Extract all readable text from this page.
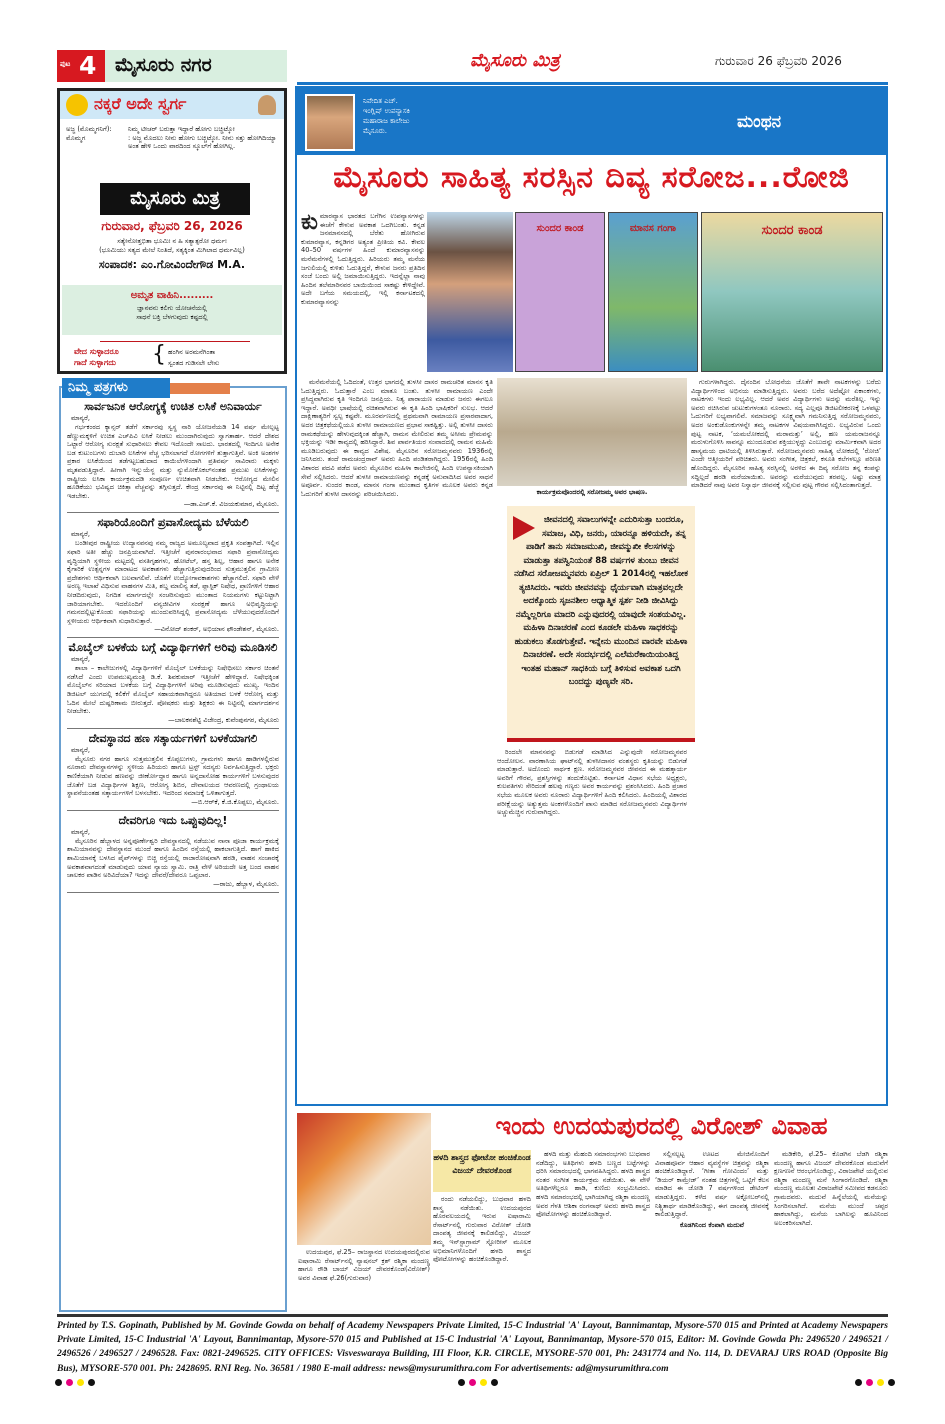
ಪುಟ 4 ಮೈಸೂರು ನಗರ	ಮೈಸೂರು ಮಿತ್ರ	ಗುರುವಾರ 26 ಫೆಬ್ರವರಿ 2026
ನಕ್ಕರೆ ಅದೇ ಸ್ವರ್ಗ
ಅಜ್ಜ (ಮೊಮ್ಮಗನಿಗೆ):	ನಿಮ್ಮ ಟೀಚರ್ ಬರುತ್ತಾ ಇದ್ದಾರೆ ಹೋಗು ಬಚ್ಚಿಟ್ಕೋ
ಮೊಮ್ಮಗ	: ಅಜ್ಜ ಮೊದಲು ನೀನು ಹೋಗು ಬಚ್ಚಿಟ್ಕೋ. ನೀನು ಸತ್ತು ಹೋಗಿದಿಯ್ಯಾ ಅಂತ ಹೇಳಿ ಒಂದು ವಾರದಿಂದ ಸ್ಕೂಲ್‌ಗೆ ಹೋಗಿಲ್ಲ.
ಮೈಸೂರು ಮಿತ್ರ
ಗುರುವಾರ, ಫೆಬ್ರವರಿ 26, 2026
ಸತ್ಯೇನೋತ್ತಭಿತಾ ಭೂಮಿಃ ನ ಹಿ ಸತ್ಯಾತ್ಪರೋ ಧರ್ಮಃ
(ಭೂಮಿಯು ಸತ್ಯದ ಮೇಲೆ ನಿಂತಿದೆ, ಸತ್ಯಕ್ಕಿಂತ ಮಿಗಿಲಾದ ಧರ್ಮವಿಲ್ಲ)
ಸಂಪಾದಕ: ಎಂ.ಗೋವಿಂದೇಗೌಡ M.A.
ಅಮೃತ ವಾಹಿನಿ.........
ಜ್ಞಾನವನು ಕಲಿಗು ಯೋಚನೆಯಲ್ಲಿ
ಸಾಧನೆ ಬಕ್ತಿ ಬೆಳಗುವುದು ಕಷ್ಟದಲ್ಲಿ
ವೇದ ಸುಳ್ಳಾದರೂ
ಗಾದೆ ಸುಳ್ಳಾಗದು { ಹಂಗಿನ ಅರಮನೆಗಿಂತಾ
ಸ್ವಂತದ ಗುಡಿಸಲೇ ಲೇಸು
ಸಾರ್ವಜನಿಕ ಆರೋಗ್ಯಕ್ಕೆ ಉಚಿತ ಲಸಿಕೆ ಅನಿವಾರ್ಯ
ಮಾನ್ಯರೆ,

ಗರ್ಭಕಂಠದ ಕ್ಯಾನ್ಸರ್ ತಡೆಗೆ ಸರ್ಕಾರವು ಸ್ವಸ್ಥ ನಾರಿ ಯೋಜನೆಯಡಿ 14 ವರ್ಷ ಮೇಲ್ಪಟ್ಟ ಹೆಣ್ಣುಮಕ್ಕಳಿಗೆ ಉಚಿತ ಎಚ್‌ಪಿವಿ ಲಸಿಕೆ ನೀಡಲು ಮುಂದಾಗಿರುವುದು ಸ್ವಾಗತಾರ್ಹ. ಆದರೆ ದೇಶದ ಒಟ್ಟಾರೆ ಆರೋಗ್ಯ ಸುರಕ್ಷತೆ ಸುಧಾರಿಸಲು ಕೇವಲ ಇದೊಂದೇ ಸಾಲದು. ಭಾರತದಲ್ಲಿ ಇಂದಿಗೂ ಅನೇಕ ಬಡ ಕುಟುಂಬಗಳು ದುಬಾರಿ ಲಸಿಕೆಗಳ ವೆಚ್ಚ ಭರಿಸಲಾಗದೆ ರೋಗಗಳಿಗೆ ತುತ್ತಾಗುತ್ತಿವೆ. ಅಂಕಿ ಅಂಶಗಳ ಪ್ರಕಾರ ಲಸಿಕೆಯಿಂದ ತಡೆಗಟ್ಟಬಹುದಾದ ಕಾಯಿಲೆಗಳಿಂದಾಗಿ ಪ್ರತಿವರ್ಷ ಸಾವಿರಾರು ಮಕ್ಕಳು ಮೃತಪಡುತ್ತಿದ್ದಾರೆ. ಹೀಗಾಗಿ ಇನ್ಫ್ಲುಯೆನ್ಜ ಮತ್ತು ನ್ಯುಮೋಕೊಕಲ್‌ನಂತಹ ಪ್ರಮುಖ ಲಸಿಕೆಗಳನ್ನು ರಾಷ್ಟ್ರೀಯ ಲಸಿಕಾ ಕಾರ್ಯಕ್ರಮದಡಿ ಸಂಪೂರ್ಣ ಉಚಿತವಾಗಿ ನೀಡಬೇಕು. ಆರೋಗ್ಯದ ಮೇಲಿನ ಹೂಡಿಕೆಯು ಭವಿಷ್ಯದ ಚಿಕಿತ್ಸಾ ವೆಚ್ಚವನ್ನು ತಗ್ಗಿಸುತ್ತದೆ. ಕೇಂದ್ರ ಸರ್ಕಾರವು ಈ ನಿಟ್ಟಿನಲ್ಲಿ ದಿಟ್ಟ ಹೆಜ್ಜೆ ಇಡಬೇಕು.

—ಡಾ.ಎಚ್.ಕೆ. ವಿಜಯಕುಮಾರ, ಮೈಸೂರು.
ಸಫಾರಿಯೊಂದಿಗೆ ಪ್ರವಾಸೋದ್ಯಮ ಬೆಳೆಯಲಿ
ಮಾನ್ಯರೆ,

ಬಂಡೀಪುರ ರಾಷ್ಟ್ರೀಯ ಉದ್ಯಾನವನವು ನಮ್ಮ ರಾಜ್ಯದ ಅಮೂಲ್ಯವಾದ ಪ್ರಕೃತಿ ಸಂಪತ್ತಾಗಿದೆ. ಇಲ್ಲಿನ ಸಫಾರಿ ಅತೀ ಹೆಚ್ಚು ಜನಪ್ರಿಯವಾಗಿದೆ. ಇತ್ತೀಚೆಗೆ ಪುನರಾರಂಭವಾದ ಸಫಾರಿ ಪ್ರವಾಸೋದ್ಯಮ ವೃದ್ಧಿಯಾಗಿ ಸ್ಥಳೀಯ ಮಟ್ಟದಲ್ಲಿ ವಸತಿಗೃಹಗಳು, ಹೋಟೆಲ್, ಹಸ್ತ ಶಿಲ್ಪ, ಆಹಾರ ಹಾಗೂ ಅನೇಕ ಕೈಗಾರಿಕೆ ಉತ್ಪನ್ನಗಳ ಮಾರಾಟದ ಅವಕಾಶಗಳು ಹೆಚ್ಚಾಗುತ್ತಿರುವುದರಿಂದ ಸುತ್ತಮುತ್ತಲಿನ ಗ್ರಾಮೀಣ ಪ್ರದೇಶಗಳು ಆರ್ಥಿಕವಾಗಿ ಬಲವಾಗಲಿವೆ. ಜೊತೆಗೆ ಉದ್ಯೋಗಾವಕಾಶಗಳು ಹೆಚ್ಚಾಗಲಿದೆ. ಸಫಾರಿ ವೇಳೆ ಅರಣ್ಯ ಇಲಾಖೆ ವಿಧಿಸುವ ವಾಹನಗಳ ಮಿತಿ, ಶಬ್ದ ಮಾಲಿನ್ಯ ತಡೆ, ಪ್ಲಾಸ್ಟಿಕ್ ನಿಷೇಧ, ಪ್ರಾಣಿಗಳಿಗೆ ಆಹಾರ ನೀಡದಿರುವುದು, ನಿಗದಿತ ಮಾರ್ಗದಲ್ಲೇ ಸಂಚರಿಸುವುದು ಮುಂತಾದ ನಿಯಮಗಳು ಕಟ್ಟುನಿಟ್ಟಾಗಿ ಜಾರಿಯಾಗಬೇಕು. ಇದರೊಂದಿಗೆ ವನ್ಯಜೀವಿಗಳ ಸಂರಕ್ಷಣೆ ಹಾಗೂ ಅಭಿವೃದ್ಧಿಯನ್ನು ಗಮನದಲ್ಲಿಟ್ಟುಕೊಂಡು ಸಫಾರಿಯನ್ನು ಮುಂದುವರಿಸಿದ್ದಲ್ಲಿ ಪ್ರವಾಸೋದ್ಯಮ ಬೆಳೆಯುವುದರೊಂದಿಗೆ ಸ್ಥಳೀಯರು ಆರ್ಥಿಕವಾಗಿ ಸುಧಾರಿಸುತ್ತಾರೆ.

—ವಿನೋದ್ ಶಂಕರ್, ಅಭಿಯಾನ ಫೌಂಡೇಶನ್, ಮೈಸೂರು.
ಮೊಬೈಲ್ ಬಳಕೆಯ ಬಗ್ಗೆ ವಿದ್ಯಾರ್ಥಿಗಳಿಗೆ ಅರಿವು ಮೂಡಿಸಲಿ
ಮಾನ್ಯರೆ,

ಶಾಲಾ – ಕಾಲೇಜುಗಳಲ್ಲಿ ವಿದ್ಯಾರ್ಥಿಗಳಿಗೆ ಮೊಬೈಲ್ ಬಳಕೆಯನ್ನು ನಿಷೇಧಿಸಲು ಸರ್ಕಾರ ಚಿಂತನೆ ನಡೆಸಿದೆ ಎಂದು ಉಪಮುಖ್ಯಮಂತ್ರಿ ಡಿ.ಕೆ. ಶಿವಕುಮಾರ್ ಇತ್ತೀಚೆಗೆ ಹೇಳಿದ್ದಾರೆ. ನಿಷೇಧಕ್ಕಿಂತ ಮೊಬೈಲ್‌ನ ಸರಿಯಾದ ಬಳಕೆಯ ಬಗ್ಗೆ ವಿದ್ಯಾರ್ಥಿಗಳಿಗೆ ಅರಿವು ಮೂಡಿಸುವುದು ಮುಖ್ಯ. ಇಂದಿನ ಡಿಜಿಟಲ್ ಯುಗದಲ್ಲಿ ಕಲಿಕೆಗೆ ಮೊಬೈಲ್ ಸಹಾಯಕವಾಗಿದ್ದರೂ ಅತಿಯಾದ ಬಳಕೆ ಆರೋಗ್ಯ ಮತ್ತು ಓದಿನ ಮೇಲೆ ದುಷ್ಪರಿಣಾಮ ಬೀರುತ್ತದೆ. ಪೋಷಕರು ಮತ್ತು ಶಿಕ್ಷಕರು ಈ ನಿಟ್ಟಿನಲ್ಲಿ ಮಾರ್ಗದರ್ಶನ ನೀಡಬೇಕು.

—ಬಾಲಕನಶೆಟ್ಟಿ ವಿಜೇಂದ್ರ, ಕುವೆಂಪುನಗರ, ಮೈಸೂರು
ದೇವಸ್ಥಾನದ ಹಣ ಸತ್ಕಾರ್ಯಗಳಿಗೆ ಬಳಕೆಯಾಗಲಿ
ಮಾನ್ಯರೆ,

ಮೈಸೂರು ನಗರ ಹಾಗೂ ಸುತ್ತಮುತ್ತಲಿನ ಕೊಪ್ಪಲುಗಳು, ಗ್ರಾಮಗಳು ಹಾಗೂ ಹಾಡಿಗಳಲ್ಲಿರುವ ನೂರಾರು ದೇವಸ್ಥಾನಗಳನ್ನು ಸ್ಥಳೀಯ ಹಿರಿಯರು ಹಾಗೂ ಟ್ರಸ್ಟ್ ಸದಸ್ಯರು ನಿರ್ವಹಿಸುತ್ತಿದ್ದಾರೆ. ಭಕ್ತರು ಕಾಣಿಕೆಯಾಗಿ ನೀಡುವ ಹಣವನ್ನು ಜೀರ್ಣೋದ್ಧಾರ ಹಾಗೂ ಅನ್ನದಾಸೋಹ ಕಾರ್ಯಗಳಿಗೆ ಬಳಸುವುದರ ಜೊತೆಗೆ ಬಡ ವಿದ್ಯಾರ್ಥಿಗಳ ಶಿಕ್ಷಣ, ಆರೋಗ್ಯ ಶಿಬಿರ, ದೇವಾಲಯದ ಆವರಣದಲ್ಲಿ ಗ್ರಂಥಾಲಯ ಸ್ಥಾಪನೆಯಂತಹ ಸತ್ಕಾರ್ಯಗಳಿಗೆ ಬಳಸಬೇಕು. ಇದರಿಂದ ಸಮಾಜಕ್ಕೆ ಒಳಿತಾಗುತ್ತದೆ.

—ಬಿ.ಆರ್‌ಕೆ, ಕೆ.ಜಿ.ಕೊಪ್ಪಲು, ಮೈಸೂರು.
ದೇವರಿಗೂ ಇದು ಒಪ್ಪುವುದಿಲ್ಲ!
ಮಾನ್ಯರೆ,

ಮೈಸೂರಿನ ಹೆಬ್ಬಾಳದ ಅನ್ನಪೂರ್ಣೇಶ್ವರಿ ದೇವಸ್ಥಾನದಲ್ಲಿ ನಡೆಯುವ ನಾನಾ ಪೂಜಾ ಕಾರ್ಯಕ್ರಮಕ್ಕೆ ಶಾಮಿಯಾನವನ್ನು ದೇವಸ್ಥಾನದ ಮುಂದೆ ಹಾಗೂ ಹಿಂದಿನ ರಸ್ತೆಯಲ್ಲಿ ಹಾಕಲಾಗುತ್ತಿದೆ. ಹಾಗೆ ಹಾಕಿದ ಶಾಮಿಯಾನಕ್ಕೆ ಬಳಸಿದ ಪೈಪ್‌ಗಳನ್ನು ಬಿಚ್ಚಿ ರಸ್ತೆಯಲ್ಲಿ ರಾಜಾರೋಷವಾಗಿ ಹರಡಿ, ವಾಹನ ಸಂಚಾರಕ್ಕೆ ಅವಕಾಶವಾಗದಂತೆ ಮಾಡುವುದು ಯಾವ ನ್ಯಾಯ ಸ್ವಾಮಿ. ರಾತ್ರಿ ವೇಳೆ ಅರಿಯದೇ ಅತ್ತ ಬಂದ ವಾಹನ ಚಾಲಕರ ಪಾಡಿನ ಅರಿವಿದೆಯಾ? ಇದನ್ನು ದೇವರೆ/ದೇವರೂ ಒಪ್ಪಲಾರ.

—ರಾಜು, ಹೆಬ್ಬಾಳ, ಮೈಸೂರು.
ನಿಮ್ಮ ಪತ್ರಗಳು
ನಿವೇದಿತ ಎಚ್.
ಇಂಗ್ಲಿಷ್ ಉಪನ್ಯಾಸಕಿ
ಮಹಾರಾಜ ಕಾಲೇಜು
ಮೈಸೂರು.	ಮಂಥನ
ಮೈಸೂರು ಸಾಹಿತ್ಯ ಸರಸ್ಸಿನ ದಿವ್ಯ ಸರೋಜ...ರೋಜಿ
ಕುಮಾರವ್ಯಾಸ ಭಾರತದ ಬಗೆಗಿನ ಉಪನ್ಯಾಸಗಳನ್ನು ಈಚೆಗೆ ಕೇಳುವ ಅವಕಾಶ ಒದಗಿಬಂತು. ಕನ್ನಡ ಜನಮಾನಸದಲ್ಲಿ ಬೆರೆತು ಹೋಗಿರುವ ಕುಮಾರವ್ಯಾಸ, ಕನ್ನಡಿಗರ ಅತ್ಯಂತ ಪ್ರೀತಿಯ ಕವಿ. ಕೇವಲ 40–50 ವರ್ಷಗಳ ಹಿಂದೆ ಕುಮಾರವ್ಯಾಸನನ್ನು ಮನೆಮನೆಗಳಲ್ಲಿ ಓದುತ್ತಿದ್ದರು. ಹಿರಿಯರು ತಮ್ಮ ಮನೆಯ ಜಗುಲಿಯಲ್ಲಿ ಕುಳಿತು ಓದುತ್ತಿದ್ದರೆ, ಕೇಳುವ ಜನರು ಪ್ರತಿದಿನ ಸಂಜೆ ಬಂದು ಅಲ್ಲಿ ಜಮಾಯಿಸುತ್ತಿದ್ದರು. ಇದನ್ನೆಲ್ಲಾ ನಾವು ಹಿಂದಿನ ತಲೆಮಾರಿನವರ ಬಾಯಿಯಿಂದ ಸಾಕಷ್ಟು ಕೇಳಿದ್ದೇವೆ. ಅದೇ ಬಗೆಯ ಸಮಯದಲ್ಲಿ, ಇಲ್ಲಿ ಕರ್ನಾಟಕದಲ್ಲಿ ಕುಮಾರವ್ಯಾಸನನ್ನು
ಸುಂದರ ಕಾಂಡ	ಮಾನಸ ಗಂಗಾ	ಸುಂದರ ಕಾಂಡ

ಮನೆಮನೆಯಲ್ಲಿ ಓದಿದಂತೆ, ಉತ್ತರ ಭಾಗದಲ್ಲಿ ತುಳಸೀ ದಾಸರ ರಾಮಚರಿತ ಮಾನಸ ಕೃತಿ ಓದುತ್ತಿದ್ದರು. ಓದುತ್ತಾರೆ ಎಂಬ ಮಾತೂ ಬಂತು. ತುಳಸೀ ರಾಮಾಯಣ ಎಂದೇ ಪ್ರಸಿದ್ಧವಾಗಿರುವ ಕೃತಿ ಇಂದಿಗೂ ಜನಪ್ರಿಯ. ನಿತ್ಯ ಪಾರಾಯಣ ಮಾಡುವ ಜನರು ಈಗಲೂ ಇದ್ದಾರೆ. ಅವಧೀ ಭಾಷೆಯಲ್ಲಿ ರಚಿತವಾಗಿರುವ ಈ ಕೃತಿ ಹಿಂದಿ ಭಾಷಿಕರಿಗೆ ಸುಲಭ. ಆದರೆ ದಾಕ್ಷಿಣಾತ್ಯರಿಗೆ ಸ್ವಲ್ಪ ಕಷ್ಟವೇ. ಮೂರರ್ವಣದಲ್ಲಿ ಪ್ರಥಮವಾಗಿ ರಾಮಾಯಣ ಪ್ರಸಾರವಾದಾಗ, ಅದರ ಚಿತ್ರಕಥೆಯಲ್ಲಿಯೂ ತುಳಸೀ ರಾಮಾಯಣದ ಪ್ರಭಾವ ಸಾಕಷ್ಟಿತ್ತು. ಅಲ್ಲಿ ತುಳಸೀ ದಾಸರು ರಾಮಕಥೆಯನ್ನು ಹೇಳುವುದಕ್ಕಿಂತ ಹೆಚ್ಚಾಗಿ, ರಾಮನ ಮೇಲಿರುವ ತಮ್ಮ ಅಸೀಮ ಪ್ರೇಮವನ್ನು ಭಕ್ತಿಯನ್ನು ಇಡೀ ಕಾವ್ಯದಲ್ಲಿ ಹರಿಸಿದ್ದಾರೆ. ಶಿವ ಪಾರ್ವತಿಯರ ಸಂವಾದದಲ್ಲಿ ರಾಮನ ಮಹಿಮೆ ಮೂಡಿಬರುವುದು ಈ ಕಾವ್ಯದ ವಿಶೇಷ. ಮೈಸೂರಿನ ಸರೋಜಮ್ಮನವರು 1936ರಲ್ಲಿ ಜನಿಸಿದರು. ತಂದೆ ರಾಮಚಂದ್ರರಾವ್ ಅವರು ಹಿಂದಿ ಪಂಡಿತರಾಗಿದ್ದರು. 1956ರಲ್ಲಿ ಹಿಂದಿ ವಿಶಾರದ ಪದವಿ ಪಡೆದ ಅವರು ಮೈಸೂರಿನ ಮಹಿಳಾ ಕಾಲೇಜಿನಲ್ಲಿ ಹಿಂದಿ ಉಪನ್ಯಾಸಕಿಯಾಗಿ ಸೇವೆ ಸಲ್ಲಿಸಿದರು. ಆದರೆ ತುಳಸೀ ರಾಮಾಯಣವನ್ನು ಕನ್ನಡಕ್ಕೆ ಅನುವಾದಿಸಿದ ಅವರ ಸಾಧನೆ ಅಪೂರ್ವ. ಸುಂದರ ಕಾಂಡ, ಮಾನಸ ಗಂಗಾ ಮುಂತಾದ ಕೃತಿಗಳ ಮೂಲಕ ಅವರು ಕನ್ನಡ ಓದುಗರಿಗೆ ತುಳಸೀ ದಾಸರನ್ನು ಪರಿಚಯಿಸಿದರು.	ಕಾರ್ಯಕ್ರಮವೊಂದರಲ್ಲಿ ಸರೋಜಮ್ಮ ಅವರ ಭಾಷಣ.
ಜೀವನದಲ್ಲಿ ಸವಾಲುಗಳನ್ನೇ ಎದುರಿಸುತ್ತಾ ಬಂದರೂ, ಸಮಾಜ, ವಿಧಿ, ಜನರು, ಯಾರನ್ನೂ ಹಳಿಯದೇ, ತನ್ನ ಪಾಡಿಗೆ ತಾನು ಸಮಾಜಮುಖಿ, ಜೀವನ್ಮುಖೀ ಕೆಲಸಗಳನ್ನು ಮಾಡುತ್ತಾ ತಪಸ್ವಿನಿಯಂತೆ 88 ವರ್ಷಗಳ ತುಂಬು ಜೀವನ ನಡೆಸಿದ ಸರೋಜಮ್ಮನವರು ಏಪ್ರಿಲ್ 1 2014ರಲ್ಲಿ ಇಹಲೋಕ ತ್ಯಜಿಸಿದರು. ಇವರು ಜೀವನವನ್ನು ಧೈರ್ಯವಾಗಿ ಮಾತ್ರವಲ್ಲದೇ ಅದಕ್ಕೊಂದು ಸೃಜನಶೀಲ ಆಧ್ಯಾತ್ಮಿಕ ಸ್ಪರ್ಶ ನೀಡಿ ಜೀವಿಸಿದ್ದು ನಮ್ಮೆಲ್ಲರಿಗೂ ಮಾದರಿ ಎನ್ನುವುದರಲ್ಲಿ ಯಾವುದೇ ಸಂಶಯವಿಲ್ಲ. ಮಹಿಳಾ ದಿನಾಚರಣೆ ಎಂದ ಕೂಡಲೇ ಮಹಿಳಾ ಸಾಧಕರನ್ನು ಹುಡುಕಲು ತೊಡಗುತ್ತೇವೆ. ಇನ್ನೇನು ಮುಂದಿನ ವಾರವೇ ಮಹಿಳಾ ದಿನಾಚರಣೆ. ಅದೇ ಸಂದರ್ಭದಲ್ಲಿ ಎಲೆಮರೆಕಾಯಿಯಂತಿದ್ದ ಇಂತಹ ಮಹಾನ್ ಸಾಧಕಿಯ ಬಗ್ಗೆ ತಿಳಿಸುವ ಅವಕಾಶ ಒದಗಿ ಬಂದದ್ದು ಪುಣ್ಯವೇ ಸರಿ.

ರಿಂದಲೇ ಮಾನಸವನ್ನು ಬಿಡುಗಡೆ ಮಾಡಿಸಿದ ಎನ್ನುವುದೇ ಸರೋಜಮ್ಮನವರ ಆಂದೋಲನ. ವಾರಣಾಸಿಯ ಘಾಟ್‌ನಲ್ಲಿ ತುಳಸೀದಾಸರ ವಂಶಸ್ಥರು ಕೃತಿಯನ್ನು ಬಿಡುಗಡೆ ಮಾಡುತ್ತಾರೆ. ಅದೊಂದು ಸಾರ್ಥಕ ಕ್ಷಣ. ಸರೋಜಮ್ಮನವರ ಜೀವನದ ಈ ಮಹತ್ಕಾರ್ಯ ಅವರಿಗೆ ಗೌರವ, ಪ್ರಶಸ್ತಿಗಳನ್ನು ತಂದುಕೊಟ್ಟಿತು. ಕರ್ನಾಟಕ ವಿಧಾನ ಸಭೆಯ ಅಧ್ಯಕ್ಷರು, ಕುಲಪತಿಗಳು ಸೇರಿದಂತೆ ಹಲವು ಗಣ್ಯರು ಅವರ ಕಾರ್ಯವನ್ನು ಪ್ರಶಂಸಿಸಿದರು. ಹಿಂದಿ ಪ್ರಚಾರ ಸಭೆಯ ಮೂಲಕ ಅವರು ನೂರಾರು ವಿದ್ಯಾರ್ಥಿಗಳಿಗೆ ಹಿಂದಿ ಕಲಿಸಿದರು. ಹಿಂದಿಯಲ್ಲಿ ವಿಶಾರದ ಪರೀಕ್ಷೆಯನ್ನು ಅತ್ಯುತ್ತಮ ಅಂಕಗಳೊಂದಿಗೆ ಪಾಸು ಮಾಡಿದ ಸರೋಜಮ್ಮನವರು ವಿದ್ಯಾರ್ಥಿಗಳ ಅಚ್ಚುಮೆಚ್ಚಿನ ಗುರುವಾಗಿದ್ದರು.

ಗುರುಗಳಾಗಿದ್ದರು. ದೈನಂದಿನ ಬೋಧನೆಯ ಜೊತೆಗೆ ತಾವೇ ನಾಟಕಗಳನ್ನು ಬರೆದು ವಿದ್ಯಾರ್ಥಿಗಳಿಂದ ಅಭಿನಯ ಮಾಡಿಸುತ್ತಿದ್ದರು. ಅವರು ಬರೆದ ಅದೆಷ್ಟೋ ಏಕಾಂಕಗಳು, ನಾಟಕಗಳು ಇಂದು ಲಭ್ಯವಿಲ್ಲ. ಆದರೆ ಅವರ ವಿದ್ಯಾರ್ಥಿಗಳು ಅದನ್ನು ಮರೆತಿಲ್ಲ. ಇನ್ನು ಅವರು ರಚಿಸಿರುವ ಚುಟುಕುಗಳಂತೂ ನೂರಾರು. ಸದ್ಯ ಎಲ್ಲವೂ ಡಿಜಿಟಲೀಕರಣಕ್ಕೆ ಒಳಪಟ್ಟು ಓದುಗರಿಗೆ ಲಭ್ಯವಾಗಲಿವೆ. ಸಮಾಜವನ್ನು ಸೂಕ್ಷ್ಮವಾಗಿ ಗಮನಿಸುತ್ತಿದ್ದ ಸರೋಜಮ್ಮನವರು, ಅದರ ಅಂಕುಡೊಂಕುಗಳನ್ನೇ ತಮ್ಮ ನಾಟಕಗಳ ವಿಷಯವಾಗಿಸಿದ್ದರು. ಲಭ್ಯವಿರುವ ಒಂದು ಪುಟ್ಟ ನಾಟಕ, ‘ಯಮಲೋಕದಲ್ಲಿ ಮರಾಮತ್ತು’ ಅಲ್ಲಿ, ಹಣ ಯಮರಾಜನನ್ನೂ ಮರುಳುಗೊಳಿಸಿ ಸಾವನ್ನೂ ಮುಂದೂಡುವ ಶಕ್ತಿಯುಳ್ಳದ್ದು ಎಂಬುದನ್ನು ಮಾರ್ಮಿಕವಾಗಿ ಅದರ ಹಾಸ್ಯಮಯ ಧಾಟಿಯಲ್ಲಿ ತಿಳಿಸಿರುತ್ತಾರೆ. ಸರೋಜಮ್ಮನವರು ಸಾಹಿತ್ಯ ಲೋಕದಲ್ಲಿ ‘ರೋಜಿ’ ಎಂದೇ ಆತ್ಮೀಯರಿಗೆ ಪರಿಚಿತರು. ಅವರು ಸಂಗೀತ, ಚಿತ್ರಕಲೆ, ಕಸೂತಿ ಕಲೆಗಳಲ್ಲೂ ಪರಿಣತಿ ಹೊಂದಿದ್ದರು. ಮೈಸೂರಿನ ಸಾಹಿತ್ಯ ಸರಸ್ಸಿನಲ್ಲಿ ಅರಳಿದ ಈ ದಿವ್ಯ ಸರೋಜ ತನ್ನ ಕಂಪನ್ನು ಸದ್ದಿಲ್ಲದೆ ಹರಡಿ ಮರೆಯಾಯಿತು. ಅವರನ್ನು ಮರೆಯುವುದು ತರವಲ್ಲ. ಅಷ್ಟು ಮಾತ್ರ ಮಾಡಿದರೆ ನಾವು ಅವರ ನಿಸ್ವಾರ್ಥ ಜೀವನಕ್ಕೆ ಸಲ್ಲಿಸುವ ಪುಟ್ಟ ಗೌರವ ಸಲ್ಲಿಸಿದಂತಾಗುತ್ತದೆ.

ಇಂದು ಉದಯಪುರದಲ್ಲಿ ವಿರೋಶ್ ವಿವಾಹ
ಹಳದಿ ಶಾಸ್ತ್ರದ ಫೋಟೋ ಹಂಚಿಕೊಂಡ ವಿಜಯ್ ದೇವರಕೊಂಡ

ಉದಯಪುರ, ಫೆ.25– ರಾಜಸ್ಥಾನದ ಉದಯಪುರದಲ್ಲಿರುವ ಐಷಾರಾಮಿ ರೆಸಾರ್ಟ್‌ನಲ್ಲಿ ನ್ಯಾಷನಲ್ ಕ್ರಶ್ ರಶ್ಮಿಕಾ ಮಂದಣ್ಣ ಹಾಗೂ ರೌಡಿ ಬಾಯ್ ವಿಜಯ್ ದೇವರಕೊಂಡ(ವಿರೋಶ್) ಅವರ ವಿವಾಹ ಫೆ.26(ಗುರುವಾರ)

ರಂದು ನಡೆಯಲಿದ್ದು, ಬುಧವಾರ ಹಳದಿ ಶಾಸ್ತ್ರ ನಡೆಯಿತು. ಉದಯಪುರದ ಹೊರವಲಯದಲ್ಲಿ ಇರುವ ಐಷಾರಾಮಿ ರೆಸಾರ್ಟ್‌ನಲ್ಲಿ ಗುರುವಾರ ವಿರೋಶ್ ಜೋಡಿ ದಾಂಪತ್ಯ ಜೀವನಕ್ಕೆ ಕಾಲಿಡಲಿದ್ದು, ವಿಜಯ್ ತಮ್ಮ ಇನ್‌ಸ್ಟಾಗ್ರಾಮ್ ಸ್ಟೋರೀಸ್ ಮೂಲಕ ಅಭಿಮಾನಿಗಳೊಂದಿಗೆ ಹಳದಿ ಶಾಸ್ತ್ರದ ಫೋಟೋಗಳನ್ನು ಹಂಚಿಕೊಂಡಿದ್ದಾರೆ.

ಹಳದಿ ಮತ್ತು ಮೆಹಂದಿ ಸಮಾರಂಭಗಳು ಬುಧವಾರ ನಡೆದಿದ್ದು, ಅತಿಥಿಗಳು ಹಳದಿ ಬಣ್ಣದ ಬಟ್ಟೆಗಳನ್ನು ಧರಿಸಿ ಸಮಾರಂಭದಲ್ಲಿ ಭಾಗವಹಿಸಿದ್ದರು. ಹಳದಿ ಶಾಸ್ತ್ರದ ನಂತರ ಸಂಗೀತ ಕಾರ್ಯಕ್ರಮ ನಡೆಯಿತು. ಈ ವೇಳೆ ಅತಿಥಿಗಳೆಲ್ಲರೂ ಹಾಡಿ, ಕುಣಿದು ಸಂಭ್ರಮಿಸಿದರು. ಹಳದಿ ಸಮಾರಂಭದಲ್ಲಿ ಭಾಗಿಯಾಗಿದ್ದ ರಶ್ಮಿಕಾ ಮಂದಣ್ಣ ಅವರ ಗೆಳತಿ ಆಶಿಕಾ ರಂಗನಾಥ್ ಅವರು ಹಳದಿ ಶಾಸ್ತ್ರದ ಫೋಟೋಗಳನ್ನು ಹಂಚಿಕೊಂಡಿದ್ದಾರೆ.

ಸಲ್ಲಿಸಲ್ಪಟ್ಟ ಊಟದ ಮೇಜಿನೊಂದಿಗೆ ವಿವಾಹಪೂರ್ವ ಆಹಾರ ವ್ಯವಸ್ಥೆಗಳ ಚಿತ್ರವನ್ನು ರಶ್ಮಿಕಾ ಹಂಚಿಕೊಂಡಿದ್ದಾರೆ. ‘ಗೀತಾ ಗೋವಿಂದಂ’ ಮತ್ತು ‘ಡಿಯರ್ ಕಾಮ್ರೇಡ್’ ನಂತಹ ಚಿತ್ರಗಳಲ್ಲಿ ಒಟ್ಟಿಗೆ ಕೆಲಸ ಮಾಡಿದ ಈ ಜೋಡಿ 7 ವರ್ಷಗಳಿಂದ ಡೇಟಿಂಗ್ ಮಾಡುತ್ತಿದ್ದರು. ಕಳೆದ ವರ್ಷ ಅಕ್ಟೋಬರ್‌ನಲ್ಲಿ ನಿಶ್ಚಿತಾರ್ಥ ಮಾಡಿಕೊಂಡಿದ್ದು, ಈಗ ದಾಂಪತ್ಯ ಜೀವನಕ್ಕೆ ಕಾಲಿಡುತ್ತಿದ್ದಾರೆ.

ಕೊಡಗಿನಿಂದ ಕೆಂಪಾಗಿ ಮದುವೆ

ಮಡಿಕೇರಿ, ಫೆ.25– ಕೊಡಗಿನ ಬೆಡಗಿ ರಶ್ಮಿಕಾ ಮಂದಣ್ಣ ಹಾಗೂ ವಿಜಯ್ ದೇವರಕೊಂಡ ಮದುವೆಗೆ ಕ್ಷಣಗಣನೆ ಆರಂಭಗೊಂಡಿದ್ದು, ವಿರಾಜಪೇಟೆ ಯಲ್ಲಿರುವ ರಶ್ಮಿಕಾ ಮಂದಣ್ಣ ಮನೆ ಸಿಂಗಾರಗೊಂಡಿದೆ. ರಶ್ಮಿಕಾ ಮಂದಣ್ಣ ಮೂಲತಃ ವಿರಾಜಪೇಟೆ ಸಮೀಪದ ಕಡನೂರು ಗ್ರಾಮದವರು. ಮದುವೆ ಹಿನ್ನೆಲೆಯಲ್ಲಿ ಮನೆಯನ್ನು ಸಿಂಗರಿಸಲಾಗಿದೆ. ಮನೆಯ ಮುಂದೆ ಚಪ್ಪರ ಹಾಕಲಾಗಿದ್ದು, ಮನೆಯ ಬಾಗಿಲನ್ನು ಹೂವಿನಿಂದ ಅಲಂಕರಿಸಲಾಗಿದೆ.

Printed by T.S. Gopinath, Published by M. Govinde Gowda on behalf of Academy Newspapers Private Limited, 15-C Industrial 'A' Layout, Bannimantap, Mysore-570 015 and Printed at Academy Newspapers Private Limited, 15-C Industrial 'A' Layout, Bannimantap, Mysore-570 015 and Published at 15-C Industrial 'A' Layout, Bannimantap, Mysore-570 015, Editor: M. Govinde Gowda Ph: 2496520 / 2496521 / 2496526 / 2496527 / 2496528. Fax: 0821-2496525. CITY OFFICES: Visveswaraya Building, III Floor, K.R. CIRCLE, MYSORE-570 001, Ph: 2431774 and No. 114, D. DEVARAJ URS ROAD (Opposite Big Bus), MYSORE-570 001. Ph: 2428695. RNI Reg. No. 36581 / 1980 E-mail address: news@mysurumithra.com For advertisements: ad@mysurumithra.com
